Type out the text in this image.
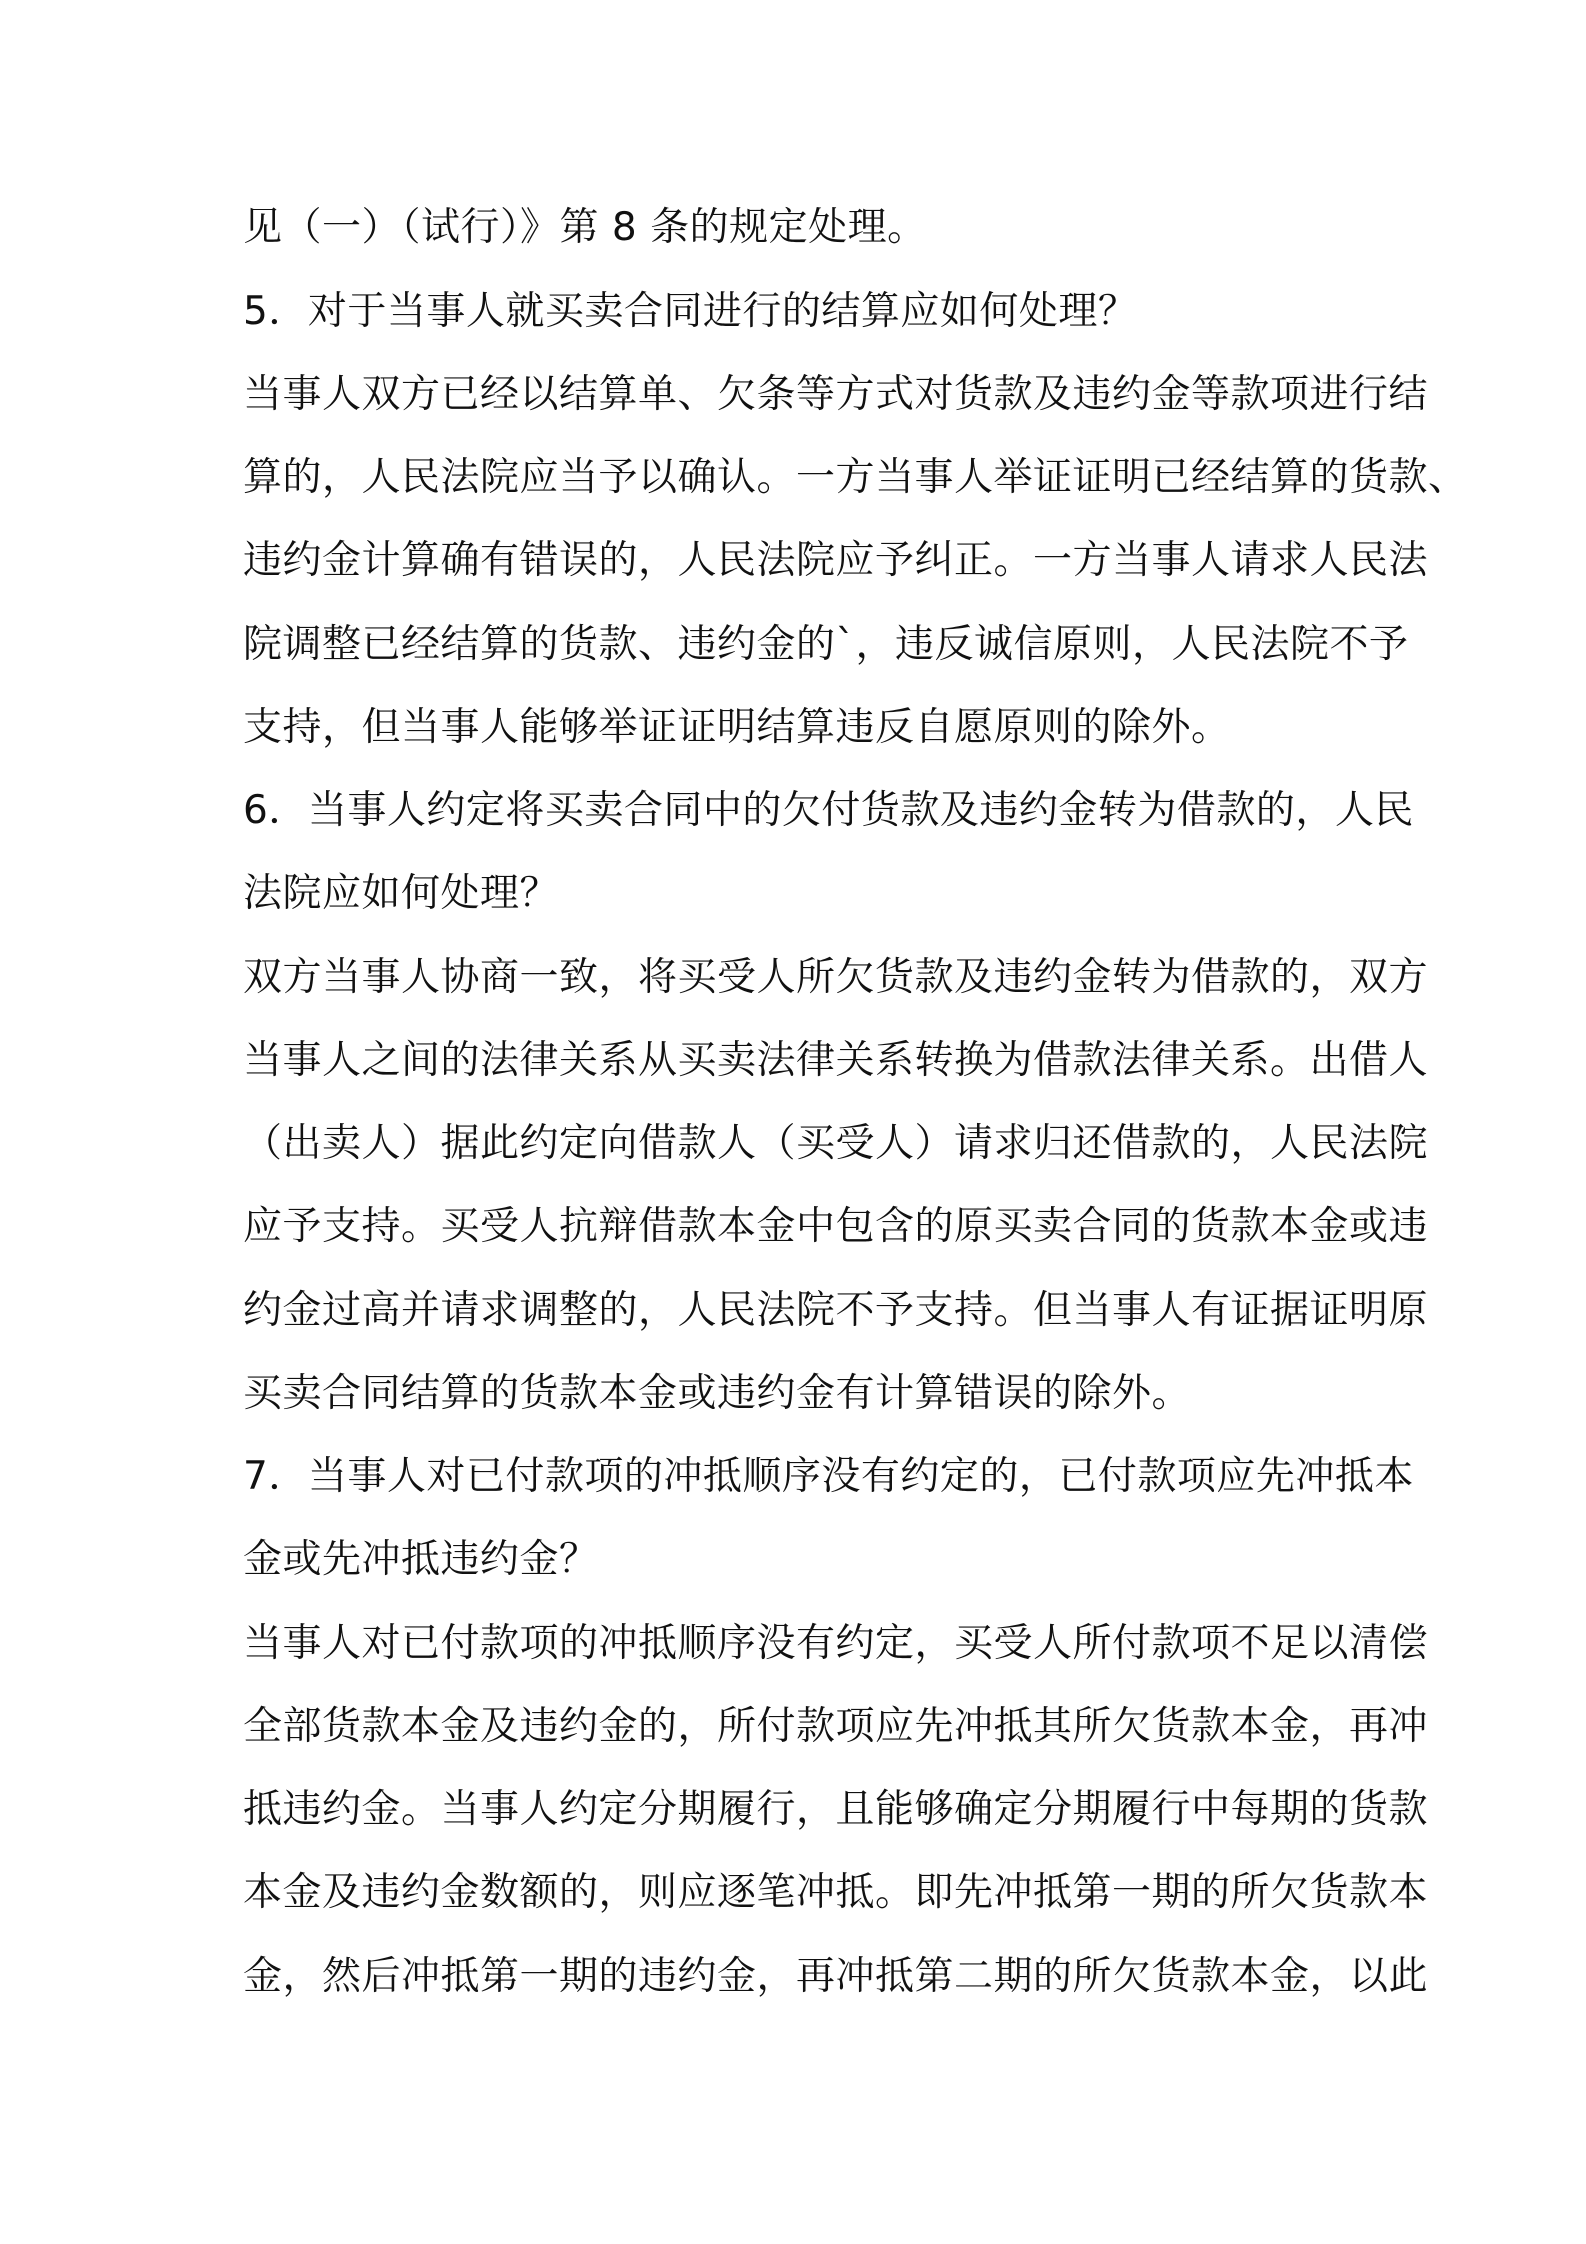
见（一）（试行）》第 8 条的规定处理。
5．对于当事人就买卖合同进行的结算应如何处理？
当事人双方已经以结算单、欠条等方式对货款及违约金等款项进行结
算的，人民法院应当予以确认。一方当事人举证证明已经结算的货款、
违约金计算确有错误的，人民法院应予纠正。一方当事人请求人民法
院调整已经结算的货款、违约金的`，违反诚信原则，人民法院不予
支持，但当事人能够举证证明结算违反自愿原则的除外。
6．当事人约定将买卖合同中的欠付货款及违约金转为借款的，人民
法院应如何处理？
双方当事人协商一致，将买受人所欠货款及违约金转为借款的，双方
当事人之间的法律关系从买卖法律关系转换为借款法律关系。出借人
（出卖人）据此约定向借款人（买受人）请求归还借款的，人民法院
应予支持。买受人抗辩借款本金中包含的原买卖合同的货款本金或违
约金过高并请求调整的，人民法院不予支持。但当事人有证据证明原
买卖合同结算的货款本金或违约金有计算错误的除外。
7．当事人对已付款项的冲抵顺序没有约定的，已付款项应先冲抵本
金或先冲抵违约金？
当事人对已付款项的冲抵顺序没有约定，买受人所付款项不足以清偿
全部货款本金及违约金的，所付款项应先冲抵其所欠货款本金，再冲
抵违约金。当事人约定分期履行，且能够确定分期履行中每期的货款
本金及违约金数额的，则应逐笔冲抵。即先冲抵第一期的所欠货款本
金，然后冲抵第一期的违约金，再冲抵第二期的所欠货款本金，以此
